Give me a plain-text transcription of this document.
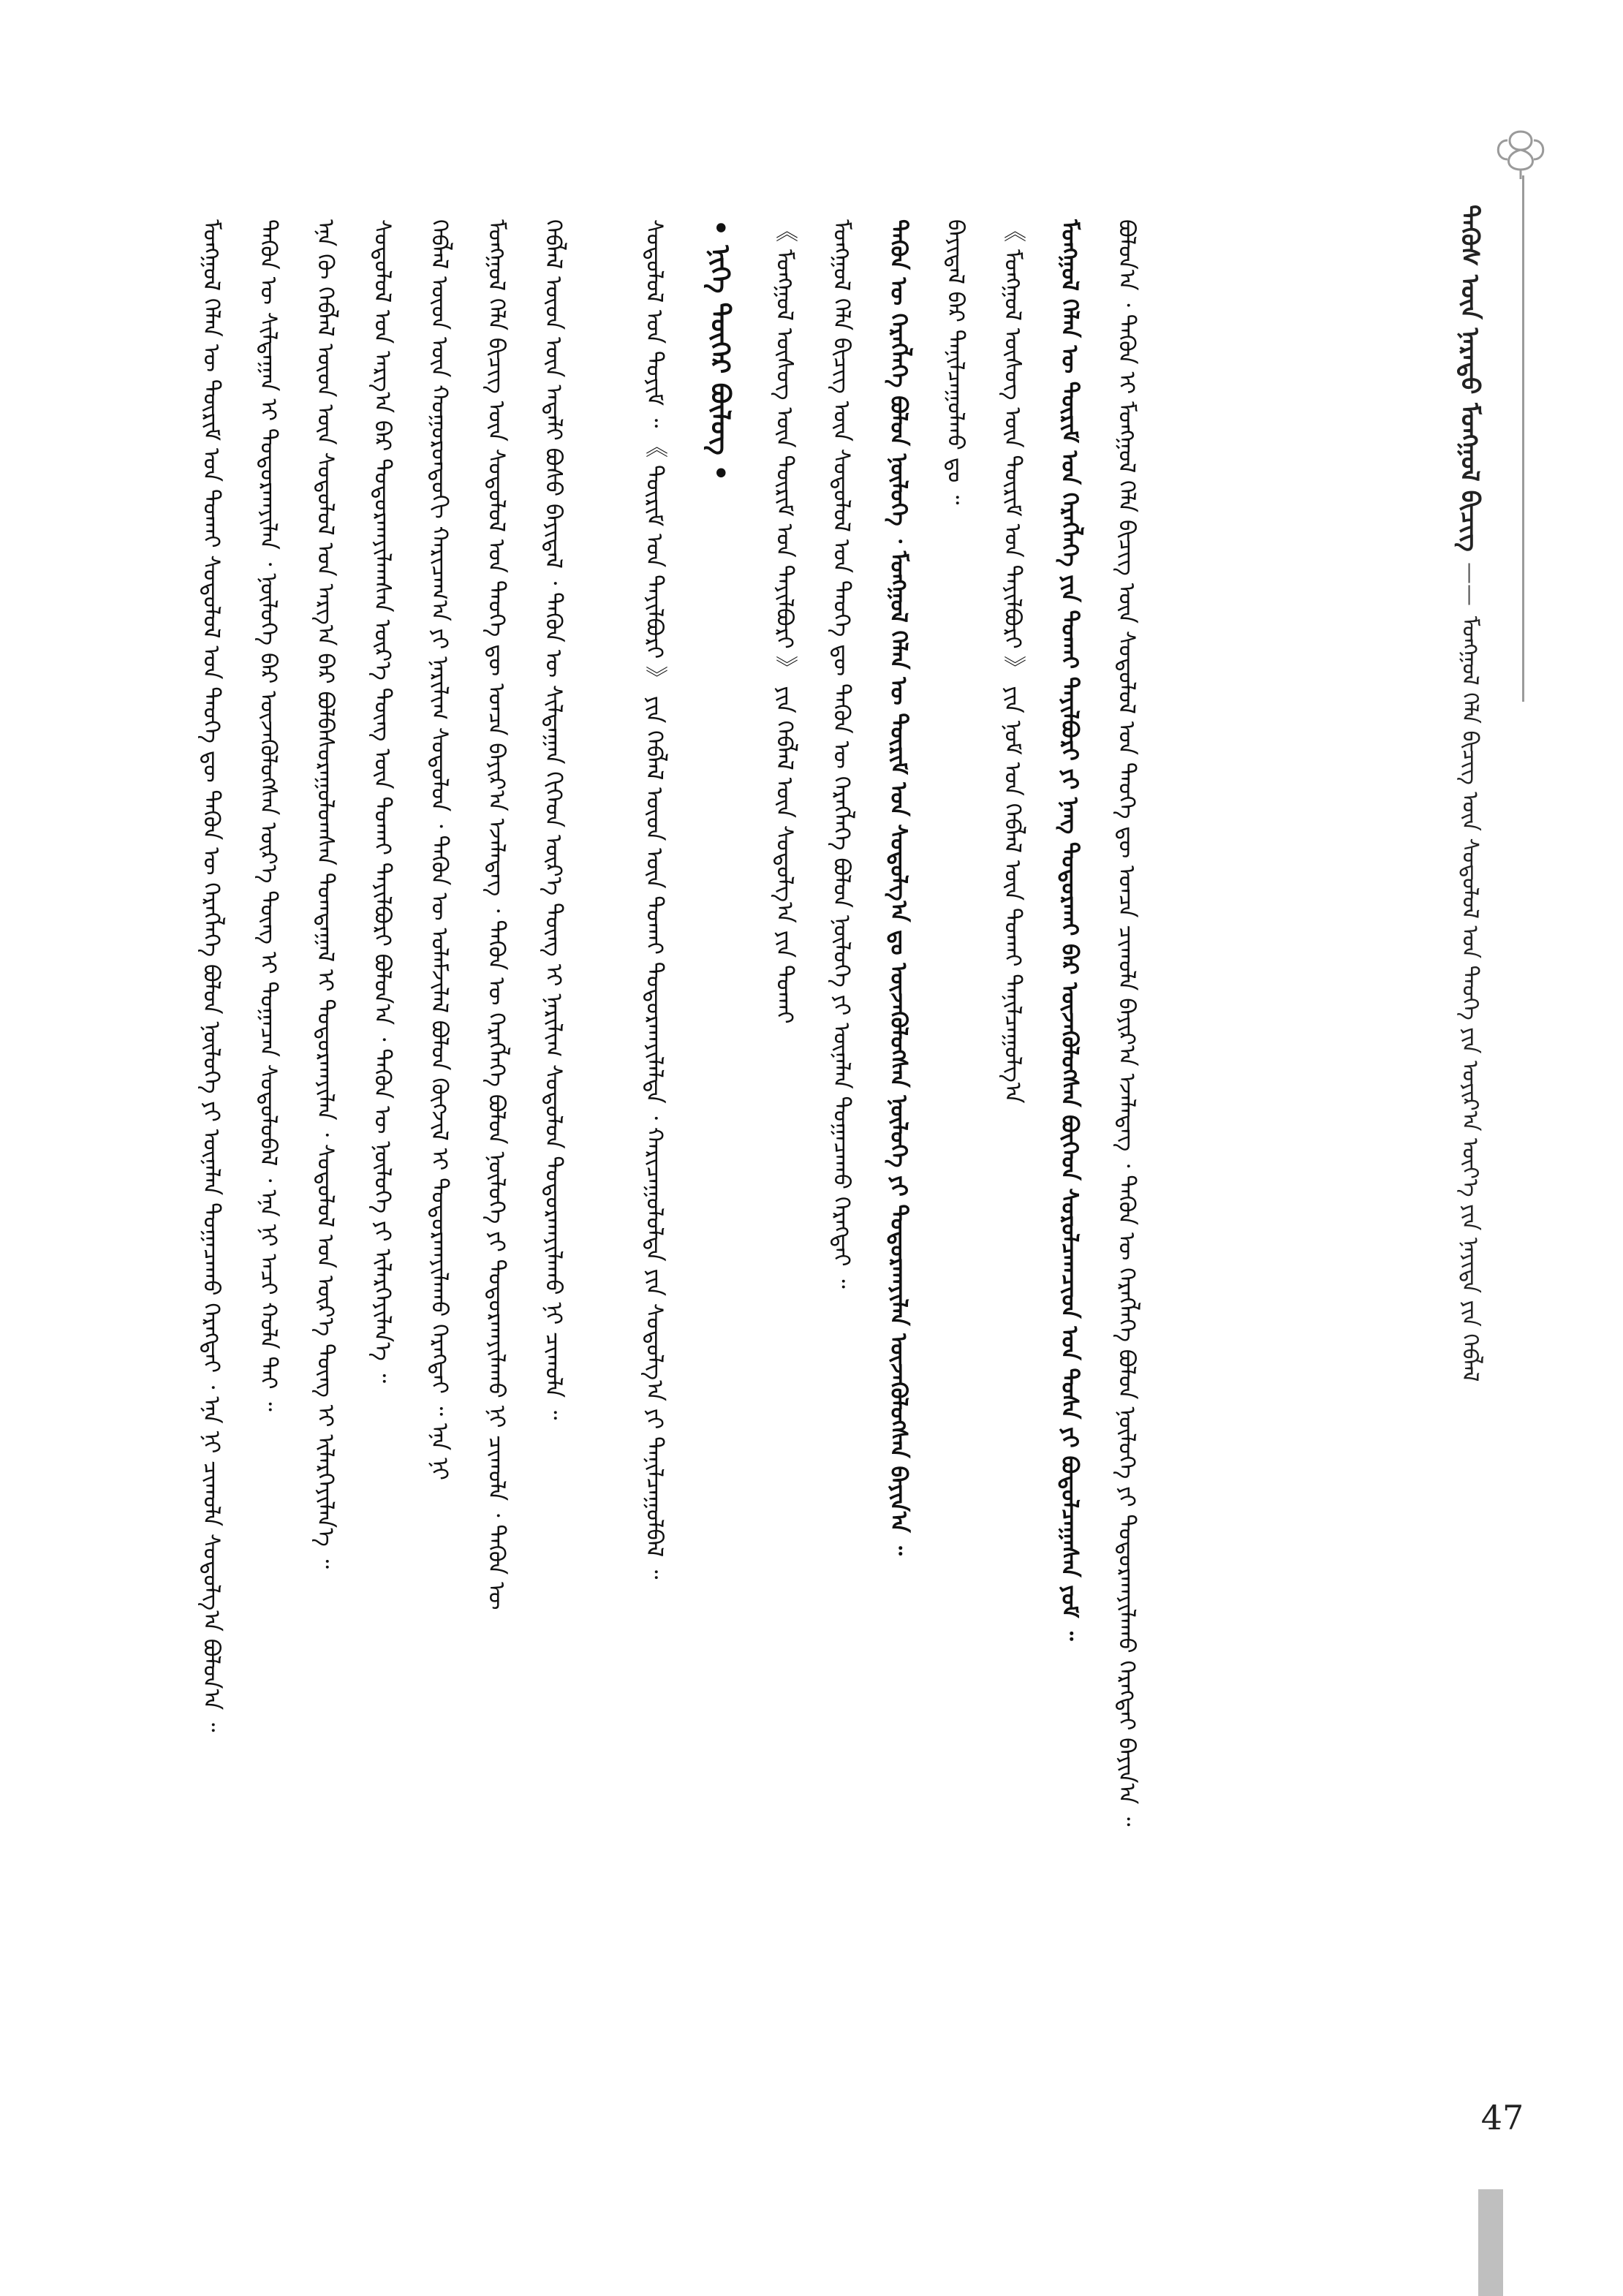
ᠲᠡᠭᠦᠰ ᠦᠨ ᠨᠡᠷᠡᠲᠦ ᠮᠣᠩᠭᠣᠯ ᠪᠢᠴᠢᠭ——ᠮᠣᠩᠭᠣᠯ ᠬᠡᠯᠡ ᠪᠢᠴᠢᠭ ᠦᠨ ᠰᠤᠳᠤᠯᠤᠯ ᠤᠨ ᠲᠡᠦᠬᠡ ᠶᠢᠨ ᠣᠶᠢᠷ᠎ᠠ ᠦᠶ᠎ᠡ ᠶᠢᠨ ᠨᠡᠶᠢᠲᠡ ᠶᠢᠨ ᠬᠡᠪᠯᠡᠯ
ᠮᠣᠩᠭᠣᠯ ᠬᠡᠯᠡᠨ ᠦ ᠳᠦᠷᠢᠮ ᠤᠨ ᠲᠤᠬᠠᠢ ᠰᠤᠳᠤᠯᠤᠯ ᠤᠨ ᠲᠡᠦᠬᠡ ᠳᠦ ᠲᠡᠭᠦᠨ ᠦ ᠬᠡᠷᠡᠭᠯᠡᠭᠡ ᠪᠣᠯᠤᠨ ᠨᠥᠯᠦᠭᠡ ᠶᠢ ᠦᠨᠡᠯᠡᠨ ᠲᠣᠭᠠᠴᠠᠬᠤ ᠬᠡᠷᠡᠭᠲᠡᠶ ᠂ ᠡᠨᠡ ᠨᠢ ᠴᠢᠬᠤᠯᠠ ᠰᠤᠳᠤᠯᠭ᠎ᠠ ᠪᠣᠯᠤᠨ᠎ᠠ ᠃	ᠲᠡᠭᠦᠨ ᠦ ᠰᠢᠯᠲᠠᠭᠠᠨ ᠢ ᠲᠣᠳᠣᠷᠬᠠᠶᠢᠯᠠᠨ ᠂ ᠨᠥᠯᠦᠭᠡ ᠪᠠᠷ ᠦᠵᠡᠭᠦᠯᠦᠭᠰᠡᠨ ᠦᠷ᠎ᠡ ᠳᠦᠩ ᠢ ᠲᠣᠭᠠᠴᠠᠨ ᠰᠤᠳᠤᠯᠤᠪᠠᠯ ᠂ ᠡᠨᠡ ᠨᠢ ᠠᠴᠢ ᠬᠤᠯᠠ ᠲᠠᠶ ᠃	ᠡᠨᠡ ᠬᠦ ᠬᠡᠪᠯᠡᠯ ᠦᠳ ᠦᠨ ᠰᠤᠳᠤᠯᠤᠯ ᠤᠨ ᠠᠷᠭ᠎ᠠ ᠪᠠᠷ ᠪᠣᠯᠪᠠᠰᠤᠷᠠᠭᠤᠯᠤᠭᠰᠠᠨ ᠲᠣᠭᠲᠠᠭᠠᠯ ᠢ ᠲᠣᠳᠣᠷᠬᠠᠶᠢᠯᠠᠨ ᠂ ᠰᠤᠳᠤᠯᠤᠯ ᠤᠨ ᠦᠷ᠎ᠡ ᠳᠦᠩ ᠢ ᠢᠯᠡᠷᠬᠡᠶᠢᠯᠡᠨ᠎ᠡ ᠃	ᠰᠤᠳᠤᠯᠤᠯ ᠤᠨ ᠠᠷᠭ᠎ᠠ ᠪᠠᠷ ᠲᠣᠳᠣᠷᠬᠠᠶᠢᠯᠠᠭᠰᠠᠨ ᠦᠷ᠎ᠡ ᠳᠦᠩ ᠦᠨ ᠲᠤᠬᠠᠢ ᠲᠠᠶᠢᠯᠪᠤᠷᠢ ᠪᠣᠯᠤᠨ᠎ᠠ ᠂ ᠲᠡᠭᠦᠨ ᠦ ᠨᠥᠯᠦᠭᠡ ᠶᠢ ᠢᠯᠡᠷᠬᠡᠶᠢᠯᠡᠨ᠎ᠡ ᠃	ᠬᠡᠪᠯᠡᠯ ᠦᠳ ᠦᠨ ᠬᠣᠭᠣᠷᠤᠨᠳᠤᠬᠢ ᠬᠠᠷᠢᠴᠠᠭ᠎ᠠ ᠶᠢ ᠨᠠᠷᠢᠯᠢᠭ ᠰᠤᠳᠤᠯᠤᠨ ᠂ ᠲᠡᠭᠦᠨ ᠦ ᠤᠯᠠᠮᠵᠢᠯᠠᠯ ᠪᠣᠯᠤᠨ ᠬᠥᠭᠵᠢᠯ ᠢ ᠲᠣᠳᠣᠷᠬᠠᠶᠢᠯᠠᠬᠤ ᠬᠡᠷᠡᠭᠲᠡᠶ ᠃ ᠡᠨᠡ ᠨᠢ	ᠮᠣᠩᠭᠣᠯ ᠬᠡᠯᠡ ᠪᠢᠴᠢᠭ ᠦᠨ ᠰᠤᠳᠤᠯᠤᠯ ᠤᠨ ᠲᠡᠦᠬᠡ ᠳᠦ ᠣᠨᠴᠠ ᠪᠠᠶᠢᠷ᠎ᠠ ᠡᠵᠡᠯᠡᠳᠡᠭ ᠂ ᠲᠡᠭᠦᠨ ᠦ ᠬᠡᠷᠡᠭᠯᠡᠭᠡ ᠪᠣᠯᠤᠨ ᠨᠥᠯᠦᠭᠡ ᠶᠢ ᠲᠣᠳᠣᠷᠬᠠᠶᠢᠯᠠᠬᠤ ᠨᠢ ᠴᠢᠬᠤᠯᠠ ᠂ ᠲᠡᠭᠦᠨ ᠦ	ᠬᠡᠪᠯᠡᠯ ᠦᠳ ᠦᠨ ᠠᠳᠠᠯᠢ ᠪᠤᠰᠤ ᠪᠠᠶᠢᠳᠠᠯ ᠂ ᠲᠡᠭᠦᠨ ᠦ ᠰᠢᠯᠲᠠᠭᠠᠨ ᠬᠢᠭᠡᠳ ᠦᠷ᠎ᠡ ᠳᠦᠩ ᠢ ᠨᠠᠷᠢᠯᠢᠭ ᠰᠤᠳᠤᠯᠤᠨ ᠲᠣᠳᠣᠷᠬᠠᠶᠢᠯᠠᠬᠤ ᠨᠢ ᠴᠢᠬᠤᠯᠠ ᠃	ᠰᠤᠳᠤᠯᠤᠯ ᠤᠨ ᠲᠣᠶᠢᠮ ᠃ 《 ᠳᠦᠷᠢᠮ ᠤᠨ ᠲᠠᠶᠢᠯᠪᠤᠷᠢ 》 ᠶᠢᠨ ᠬᠡᠪᠯᠡᠯ ᠦᠳ ᠦᠨ ᠲᠤᠬᠠᠢ ᠲᠣᠲᠣᠷᠬᠠᠶᠢᠯᠠᠯᠲᠠ ᠂ ᠬᠠᠷᠢᠴᠠᠭᠤᠯᠤᠯᠲᠠ ᠶᠢᠨ ᠰᠤᠳᠤᠯᠭ᠎ᠠ ᠶᠢ ᠲᠠᠨᠢᠯᠴᠠᠭᠤᠯᠪᠠᠯ ᠃	• ᠨᠢᠭᠡ ᠳᠦᠭᠡᠷ ᠪᠦᠯᠦᠭ •	《 ᠮᠣᠩᠭᠣᠯ ᠦᠰᠦᠭ ᠦᠨ ᠳᠦᠷᠢᠮ ᠤᠨ ᠲᠠᠶᠢᠯᠪᠤᠷᠢ 》 ᠶᠢᠨ ᠬᠡᠪᠯᠡᠯ ᠦᠨ ᠰᠤᠳᠤᠯᠭ᠎ᠠ ᠶᠢᠨ ᠲᠤᠬᠠᠢ	ᠮᠣᠩᠭᠣᠯ ᠬᠡᠯᠡ ᠪᠢᠴᠢᠭ ᠦᠨ ᠰᠤᠳᠤᠯᠤᠯ ᠤᠨ ᠲᠡᠦᠬᠡ ᠳᠦ ᠲᠡᠭᠦᠨ ᠦ ᠬᠡᠷᠡᠭᠯᠡᠭᠡ ᠪᠣᠯᠤᠨ ᠨᠥᠯᠦᠭᠡ ᠶᠢ ᠦᠨᠡᠯᠡᠨ ᠲᠣᠭᠠᠴᠠᠬᠤ ᠬᠡᠷᠡᠭᠲᠡᠶ ᠃	ᠲᠡᠭᠦᠨ ᠦ ᠬᠡᠷᠡᠭᠯᠡᠭᠡ ᠪᠣᠯᠤᠨ ᠨᠥᠯᠦᠭᠡ ᠂ ᠮᠣᠩᠭᠣᠯ ᠬᠡᠯᠡᠨ ᠦ ᠳᠦᠷᠢᠮ ᠤᠨ ᠰᠤᠳᠤᠯᠭ᠎ᠠ ᠳᠤ ᠦᠵᠡᠭᠦᠯᠦᠭᠰᠡᠨ ᠨᠥᠯᠦᠭᠡ ᠶᠢ ᠲᠣᠳᠣᠷᠬᠠᠶᠢᠯᠠᠨ ᠦᠵᠡᠭᠦᠯᠦᠭᠰᠡᠨ ᠪᠠᠶᠢᠨ᠎ᠠ ᠃	ᠪᠠᠶᠢᠳᠠᠯ ᠪᠠᠷ ᠲᠠᠨᠢᠯᠴᠠᠭᠤᠯᠬᠤ ᠳᠤ ᠃	《 ᠮᠣᠩᠭᠣᠯ ᠦᠰᠦᠭ ᠦᠨ ᠳᠦᠷᠢᠮ ᠤᠨ ᠲᠠᠶᠢᠯᠪᠤᠷᠢ 》 ᠶᠢᠨ ᠨᠣᠮ ᠤᠨ ᠬᠡᠪᠯᠡᠯ ᠦᠨ ᠲᠤᠬᠠᠢ ᠲᠠᠨᠢᠯᠴᠠᠭᠤᠯᠭ᠎ᠠ	ᠮᠣᠩᠭᠣᠯ ᠬᠡᠯᠡᠨ ᠦ ᠳᠦᠷᠢᠮ ᠤᠨ ᠬᠡᠷᠡᠭᠯᠡᠭᠡ ᠶᠢᠨ ᠲᠤᠬᠠᠢ ᠲᠠᠶᠢᠯᠪᠤᠷᠢ ᠶᠢ ᠨᠡᠩ ᠲᠣᠳᠣᠷᠬᠠᠶ ᠪᠠᠷ ᠦᠵᠡᠭᠦᠯᠦᠭᠰᠡᠨ ᠪᠥᠭᠡᠳ ᠰᠤᠷᠤᠯᠴᠠᠭᠴᠢᠳ ᠤᠨ ᠲᠤᠰᠠ ᠶᠢ ᠪᠣᠳᠣᠯᠴᠠᠭᠠᠰᠠᠨ ᠶᠤᠮ ᠃	ᠪᠣᠯᠤᠨ᠎ᠠ ᠂ ᠲᠡᠭᠦᠨ ᠢ ᠮᠣᠩᠭᠣᠯ ᠬᠡᠯᠡ ᠪᠢᠴᠢᠭ ᠦᠨ ᠰᠤᠳᠤᠯᠤᠯ ᠤᠨ ᠲᠡᠦᠬᠡ ᠳᠦ ᠣᠨᠴᠠ ᠴᠢᠬᠤᠯᠠ ᠪᠠᠶᠢᠷ᠎ᠠ ᠡᠵᠡᠯᠡᠳᠡᠭ ᠂ ᠲᠡᠭᠦᠨ ᠦ ᠬᠡᠷᠡᠭᠯᠡᠭᠡ ᠪᠣᠯᠤᠨ ᠨᠥᠯᠦᠭᠡ ᠶᠢ ᠲᠣᠳᠣᠷᠬᠠᠶᠢᠯᠠᠬᠤ ᠬᠡᠷᠡᠭᠲᠡᠶ ᠪᠠᠶᠢᠨ᠎ᠠ ᠃
47
